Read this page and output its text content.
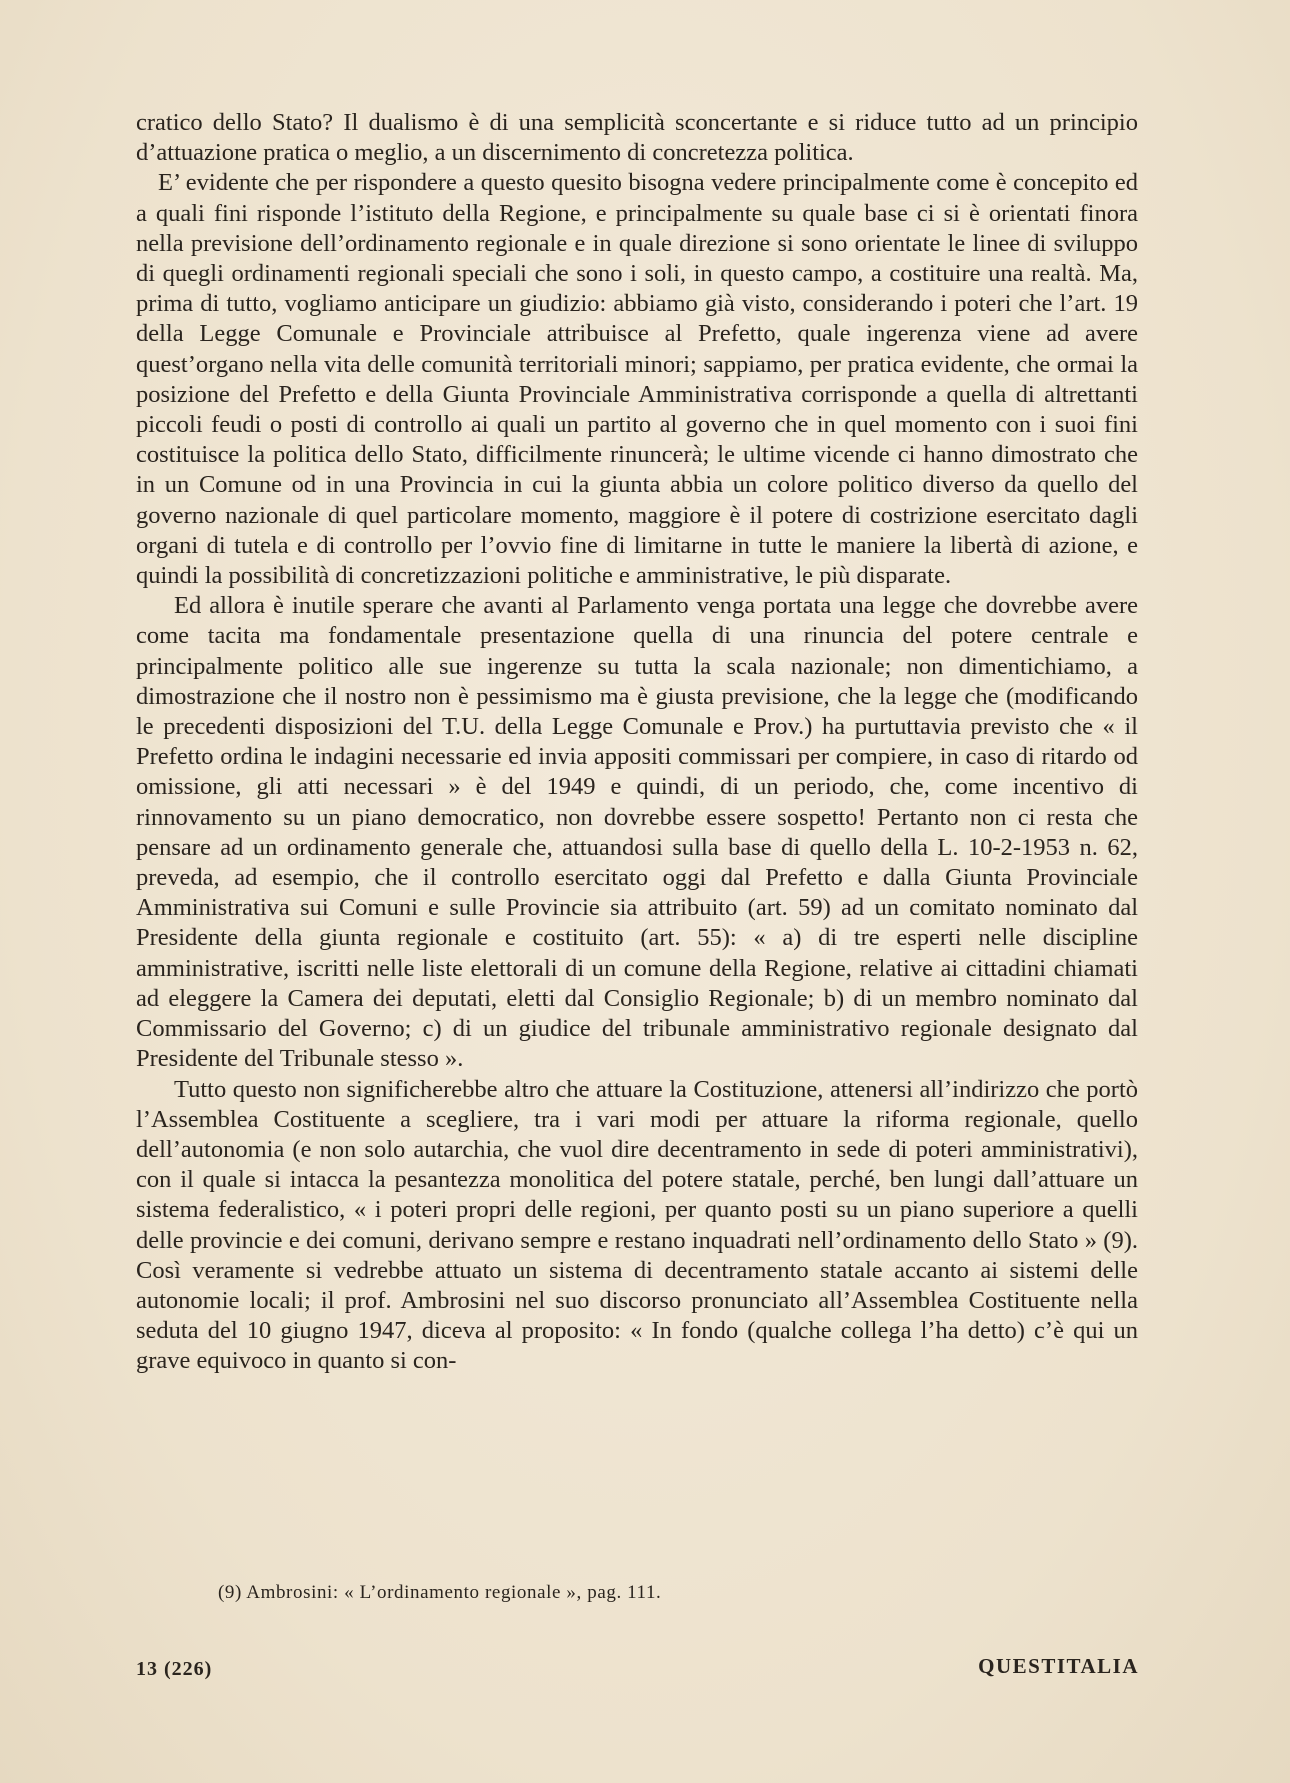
cratico dello Stato? Il dualismo è di una semplicità sconcertante e si riduce tutto ad un principio d’attuazione pratica o meglio, a un discernimento di concretezza politica.

E’ evidente che per rispondere a questo quesito bisogna vedere principalmente come è concepito ed a quali fini risponde l’istituto della Regione, e principalmente su quale base ci si è orientati finora nella previsione dell’ordinamento regionale e in quale direzione si sono orientate le linee di sviluppo di quegli ordinamenti regionali speciali che sono i soli, in questo campo, a costituire una realtà. Ma, prima di tutto, vogliamo anticipare un giudizio: abbiamo già visto, considerando i poteri che l’art. 19 della Legge Comunale e Provinciale attribuisce al Prefetto, quale ingerenza viene ad avere quest’organo nella vita delle comunità territoriali minori; sappiamo, per pratica evidente, che ormai la posizione del Prefetto e della Giunta Provinciale Amministrativa corrisponde a quella di altrettanti piccoli feudi o posti di controllo ai quali un partito al governo che in quel momento con i suoi fini costituisce la politica dello Stato, difficilmente rinuncerà; le ultime vicende ci hanno dimostrato che in un Comune od in una Provincia in cui la giunta abbia un colore politico diverso da quello del governo nazionale di quel particolare momento, maggiore è il potere di costrizione esercitato dagli organi di tutela e di controllo per l’ovvio fine di limitarne in tutte le maniere la libertà di azione, e quindi la possibilità di concretizzazioni politiche e amministrative, le più disparate.

Ed allora è inutile sperare che avanti al Parlamento venga portata una legge che dovrebbe avere come tacita ma fondamentale presentazione quella di una rinuncia del potere centrale e principalmente politico alle sue ingerenze su tutta la scala nazionale; non dimentichiamo, a dimostrazione che il nostro non è pessimismo ma è giusta previsione, che la legge che (modificando le precedenti disposizioni del T.U. della Legge Comunale e Prov.) ha purtuttavia previsto che « il Prefetto ordina le indagini necessarie ed invia appositi commissari per compiere, in caso di ritardo od omissione, gli atti necessari » è del 1949 e quindi, di un periodo, che, come incentivo di rinnovamento su un piano democratico, non dovrebbe essere sospetto! Pertanto non ci resta che pensare ad un ordinamento generale che, attuandosi sulla base di quello della L. 10-2-1953 n. 62, preveda, ad esempio, che il controllo esercitato oggi dal Prefetto e dalla Giunta Provinciale Amministrativa sui Comuni e sulle Provincie sia attribuito (art. 59) ad un comitato nominato dal Presidente della giunta regionale e costituito (art. 55): « a) di tre esperti nelle discipline amministrative, iscritti nelle liste elettorali di un comune della Regione, relative ai cittadini chiamati ad eleggere la Camera dei deputati, eletti dal Consiglio Regionale; b) di un membro nominato dal Commissario del Governo; c) di un giudice del tribunale amministrativo regionale designato dal Presidente del Tribunale stesso ».

Tutto questo non significherebbe altro che attuare la Costituzione, attenersi all’indirizzo che portò l’Assemblea Costituente a scegliere, tra i vari modi per attuare la riforma regionale, quello dell’autonomia (e non solo autarchia, che vuol dire decentramento in sede di poteri amministrativi), con il quale si intacca la pesantezza monolitica del potere statale, perché, ben lungi dall’attuare un sistema federalistico, « i poteri propri delle regioni, per quanto posti su un piano superiore a quelli delle provincie e dei comuni, derivano sempre e restano inquadrati nell’ordinamento dello Stato » (9). Così veramente si vedrebbe attuato un sistema di decentramento statale accanto ai sistemi delle autonomie locali; il prof. Ambrosini nel suo discorso pronunciato all’Assemblea Costituente nella seduta del 10 giugno 1947, diceva al proposito: « In fondo (qualche collega l’ha detto) c’è qui un grave equivoco in quanto si con-

(9) Ambrosini: « L’ordinamento regionale », pag. 111.
13 (226)	QUESTITALIA
